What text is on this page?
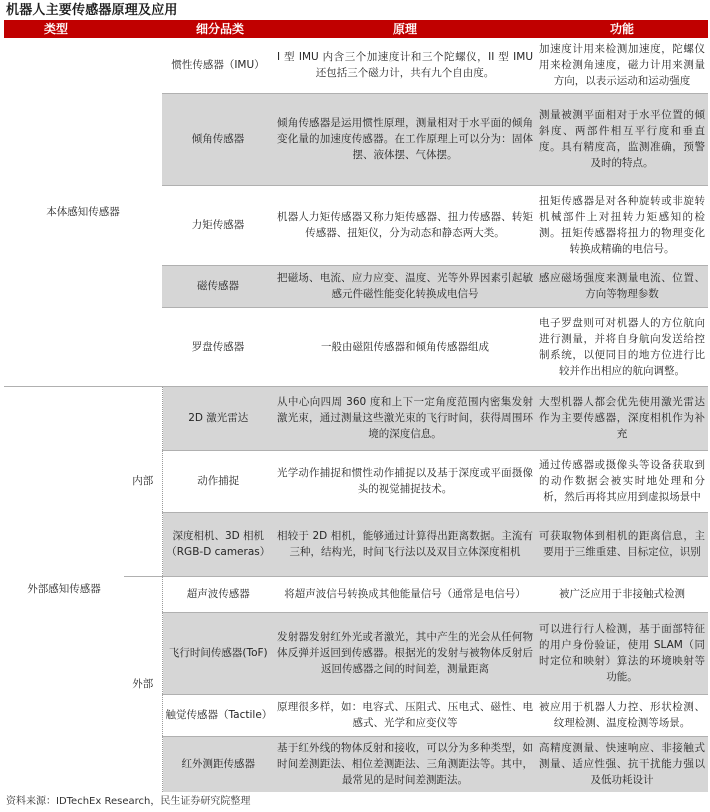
机器人主要传感器原理及应用
类型	细分品类		原理	功能
本体感知传感器		惯性传感器（IMU）	I 型 IMU 内含三个加速度计和三个陀螺仪，II 型 IMU 还包括三个磁力计，共有九个自由度。	加速度计用来检测加速度，陀螺仪用来检测角速度，磁力计用来测量方向，以表示运动和运动强度
		倾角传感器	倾角传感器是运用惯性原理，测量相对于水平面的倾角变化量的加速度传感器。在工作原理上可以分为：固体摆、液体摆、气体摆。	测量被测平面相对于水平位置的倾斜度、两部件相互平行度和垂直度。具有精度高，监测准确，预警及时的特点。
		力矩传感器	机器人力矩传感器又称力矩传感器、扭力传感器、转矩传感器、扭矩仪，分为动态和静态两大类。	扭矩传感器是对各种旋转或非旋转机械部件上对扭转力矩感知的检测。扭矩传感器将扭力的物理变化转换成精确的电信号。
		磁传感器	把磁场、电流、应力应变、温度、光等外界因素引起敏感元件磁性能变化转换成电信号	感应磁场强度来测量电流、位置、方向等物理参数
		罗盘传感器	一般由磁阻传感器和倾角传感器组成	电子罗盘则可对机器人的方位航向进行测量，并将自身航向发送给控制系统，以便同目的地方位进行比较并作出相应的航向调整。
外部感知传感器	内部	2D 激光雷达	从中心向四周 360 度和上下一定角度范围内密集发射激光束，通过测量这些激光束的飞行时间，获得周围环境的深度信息。	大型机器人都会优先使用激光雷达作为主要传感器，深度相机作为补充
		动作捕捉	光学动作捕捉和惯性动作捕捉以及基于深度或平面摄像头的视觉捕捉技术。	通过传感器或摄像头等设备获取到的动作数据会被实时地处理和分析，然后再将其应用到虚拟场景中
		深度相机、3D 相机（RGB-D cameras）	相较于 2D 相机，能够通过计算得出距离数据。主流有三种，结构光，时间飞行法以及双目立体深度相机	可获取物体到相机的距离信息，主要用于三维重建、目标定位，识别
	外部	超声波传感器	将超声波信号转换成其他能量信号（通常是电信号）	被广泛应用于非接触式检测
		飞行时间传感器(ToF)	发射器发射红外光或者激光，其中产生的光会从任何物体反弹并返回到传感器。根据光的发射与被物体反射后返回传感器之间的时间差，测量距离	可以进行行人检测，基于面部特征的用户身份验证，使用 SLAM（同时定位和映射）算法的环境映射等功能。
		触觉传感器（Tactile）	原理很多样，如：电容式、压阻式、压电式、磁性、电感式、光学和应变仪等	被应用于机器人力控、形状检测、纹理检测、温度检测等场景。
		红外测距传感器	基于红外线的物体反射和接收，可以分为多种类型，如时间差测距法、相位差测距法、三角测距法等。其中，最常见的是时间差测距法。	高精度测量、快速响应、非接触式测量、适应性强、抗干扰能力强以及低功耗设计
资料来源：IDTechEx Research，民生证券研究院整理
